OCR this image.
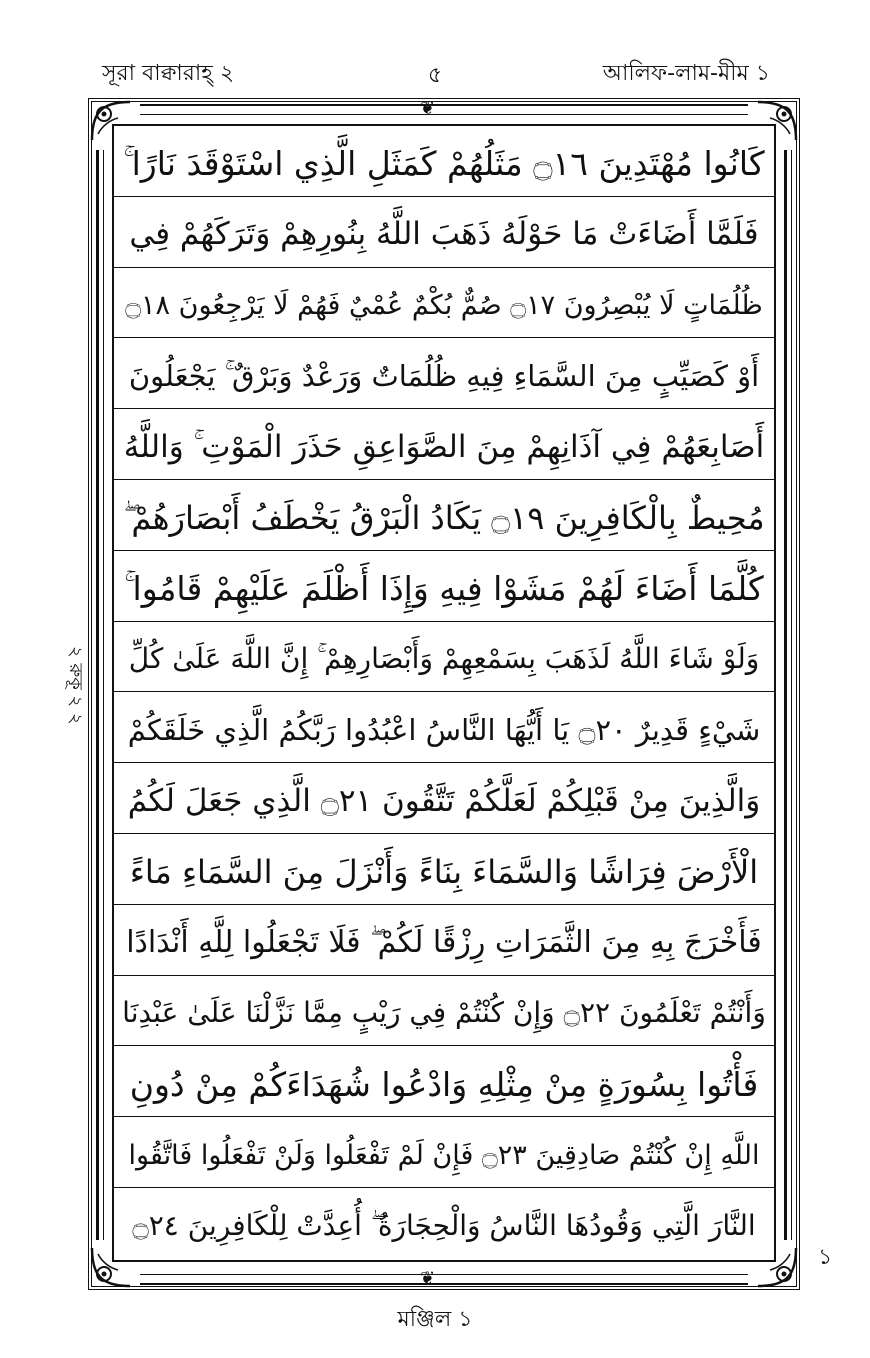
সূরা বাক্বারাহ্ ২	৫	আলিফ-লাম-মীম ১
❦
❦
كَانُوا مُهْتَدِينَ ۝١٦ مَثَلُهُمْ كَمَثَلِ الَّذِي اسْتَوْقَدَ نَارًا ۚ
فَلَمَّا أَضَاءَتْ مَا حَوْلَهُ ذَهَبَ اللَّهُ بِنُورِهِمْ وَتَرَكَهُمْ فِي
ظُلُمَاتٍ لَا يُبْصِرُونَ ۝١٧ صُمٌّ بُكْمٌ عُمْيٌ فَهُمْ لَا يَرْجِعُونَ ۝١٨
أَوْ كَصَيِّبٍ مِنَ السَّمَاءِ فِيهِ ظُلُمَاتٌ وَرَعْدٌ وَبَرْقٌ ۚ يَجْعَلُونَ
أَصَابِعَهُمْ فِي آذَانِهِمْ مِنَ الصَّوَاعِقِ حَذَرَ الْمَوْتِ ۚ وَاللَّهُ
مُحِيطٌ بِالْكَافِرِينَ ۝١٩ يَكَادُ الْبَرْقُ يَخْطَفُ أَبْصَارَهُمْ ۖ
كُلَّمَا أَضَاءَ لَهُمْ مَشَوْا فِيهِ وَإِذَا أَظْلَمَ عَلَيْهِمْ قَامُوا ۚ
وَلَوْ شَاءَ اللَّهُ لَذَهَبَ بِسَمْعِهِمْ وَأَبْصَارِهِمْ ۚ إِنَّ اللَّهَ عَلَىٰ كُلِّ
شَيْءٍ قَدِيرٌ ۝٢٠ يَا أَيُّهَا النَّاسُ اعْبُدُوا رَبَّكُمُ الَّذِي خَلَقَكُمْ
وَالَّذِينَ مِنْ قَبْلِكُمْ لَعَلَّكُمْ تَتَّقُونَ ۝٢١ الَّذِي جَعَلَ لَكُمُ
الْأَرْضَ فِرَاشًا وَالسَّمَاءَ بِنَاءً وَأَنْزَلَ مِنَ السَّمَاءِ مَاءً
فَأَخْرَجَ بِهِ مِنَ الثَّمَرَاتِ رِزْقًا لَكُمْ ۖ فَلَا تَجْعَلُوا لِلَّهِ أَنْدَادًا
وَأَنْتُمْ تَعْلَمُونَ ۝٢٢ وَإِنْ كُنْتُمْ فِي رَيْبٍ مِمَّا نَزَّلْنَا عَلَىٰ عَبْدِنَا
فَأْتُوا بِسُورَةٍ مِنْ مِثْلِهِ وَادْعُوا شُهَدَاءَكُمْ مِنْ دُونِ
اللَّهِ إِنْ كُنْتُمْ صَادِقِينَ ۝٢٣ فَإِنْ لَمْ تَفْعَلُوا وَلَنْ تَفْعَلُوا فَاتَّقُوا
النَّارَ الَّتِي وَقُودُهَا النَّاسُ وَالْحِجَارَةُ ۖ أُعِدَّتْ لِلْكَافِرِينَ ۝٢٤
২ রুকূ ২ ২
১
মঞ্জিল ১
